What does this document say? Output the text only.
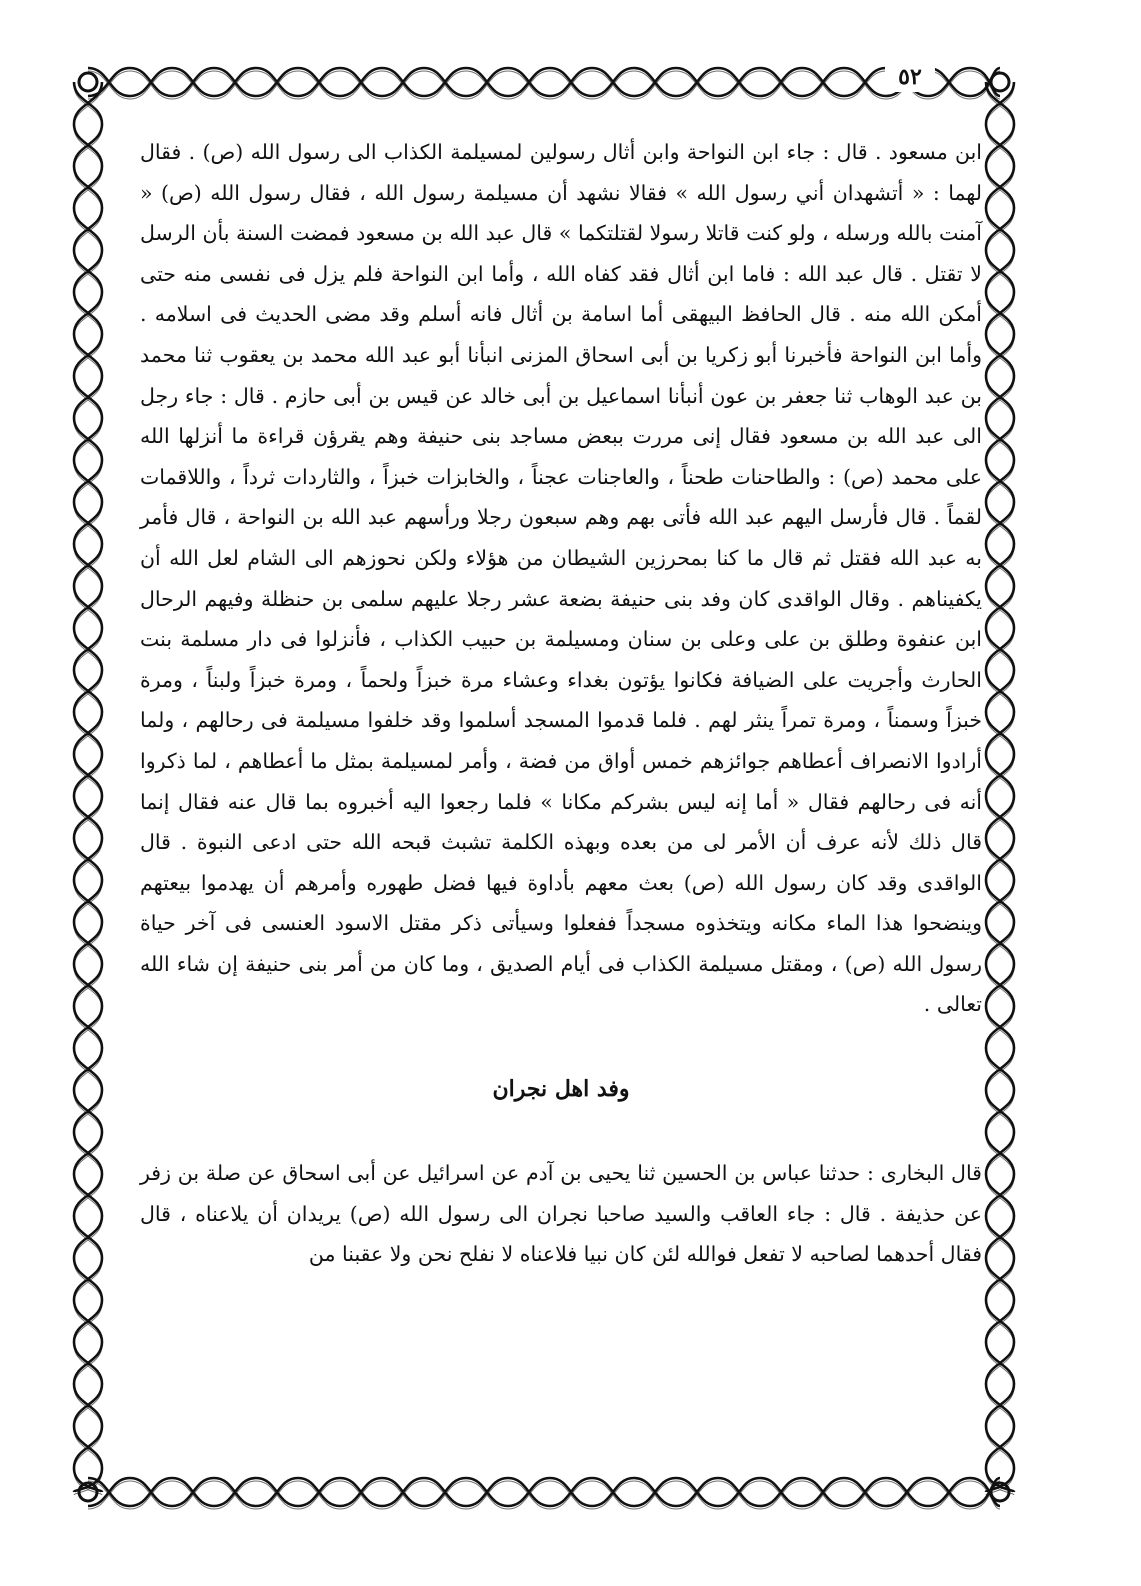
٥٢

ابن مسعود . قال : جاء ابن النواحة وابن أثال رسولين لمسيلمة الكذاب الى رسول الله (ص) . فقال لهما : « أتشهدان أني رسول الله » فقالا نشهد أن مسيلمة رسول الله ، فقال رسول الله (ص) « آمنت بالله ورسله ، ولو كنت قاتلا رسولا لقتلتكما » قال عبد الله بن مسعود فمضت السنة بأن الرسل لا تقتل . قال عبد الله : فاما ابن أثال فقد كفاه الله ، وأما ابن النواحة فلم يزل فى نفسى منه حتى أمكن الله منه . قال الحافظ البيهقى أما اسامة بن أثال فانه أسلم وقد مضى الحديث فى اسلامه . وأما ابن النواحة فأخبرنا أبو زكريا بن أبى اسحاق المزنى انبأنا أبو عبد الله محمد بن يعقوب ثنا محمد بن عبد الوهاب ثنا جعفر بن عون أنبأنا اسماعيل بن أبى خالد عن قيس بن أبى حازم . قال : جاء رجل الى عبد الله بن مسعود فقال إنى مررت ببعض مساجد بنى حنيفة وهم يقرؤن قراءة ما أنزلها الله على محمد (ص) : والطاحنات طحناً ، والعاجنات عجناً ، والخابزات خبزاً ، والثاردات ثرداً ، واللاقمات لقماً . قال فأرسل اليهم عبد الله فأتى بهم وهم سبعون رجلا ورأسهم عبد الله بن النواحة ، قال فأمر به عبد الله فقتل ثم قال ما كنا بمحرزين الشيطان من هؤلاء ولكن نحوزهم الى الشام لعل الله أن يكفيناهم . وقال الواقدى كان وفد بنى حنيفة بضعة عشر رجلا عليهم سلمى بن حنظلة وفيهم الرحال ابن عنفوة وطلق بن على وعلى بن سنان ومسيلمة بن حبيب الكذاب ، فأنزلوا فى دار مسلمة بنت الحارث وأجريت على الضيافة فكانوا يؤتون بغداء وعشاء مرة خبزاً ولحماً ، ومرة خبزاً ولبناً ، ومرة خبزاً وسمناً ، ومرة تمراً ينثر لهم . فلما قدموا المسجد أسلموا وقد خلفوا مسيلمة فى رحالهم ، ولما أرادوا الانصراف أعطاهم جوائزهم خمس أواق من فضة ، وأمر لمسيلمة بمثل ما أعطاهم ، لما ذكروا أنه فى رحالهم فقال « أما إنه ليس بشركم مكانا » فلما رجعوا اليه أخبروه بما قال عنه فقال إنما قال ذلك لأنه عرف أن الأمر لى من بعده وبهذه الكلمة تشبث قبحه الله حتى ادعى النبوة . قال الواقدى وقد كان رسول الله (ص) بعث معهم بأداوة فيها فضل طهوره وأمرهم أن يهدموا بيعتهم وينضحوا هذا الماء مكانه ويتخذوه مسجداً ففعلوا وسيأتى ذكر مقتل الاسود العنسى فى آخر حياة رسول الله (ص) ، ومقتل مسيلمة الكذاب فى أيام الصديق ، وما كان من أمر بنى حنيفة إن شاء الله تعالى .

وفد اهل نجران

قال البخارى : حدثنا عباس بن الحسين ثنا يحيى بن آدم عن اسرائيل عن أبى اسحاق عن صلة بن زفر عن حذيفة . قال : جاء العاقب والسيد صاحبا نجران الى رسول الله (ص) يريدان أن يلاعناه ، قال فقال أحدهما لصاحبه لا تفعل فوالله لئن كان نبيا فلاعناه لا نفلح نحن ولا عقبنا من
